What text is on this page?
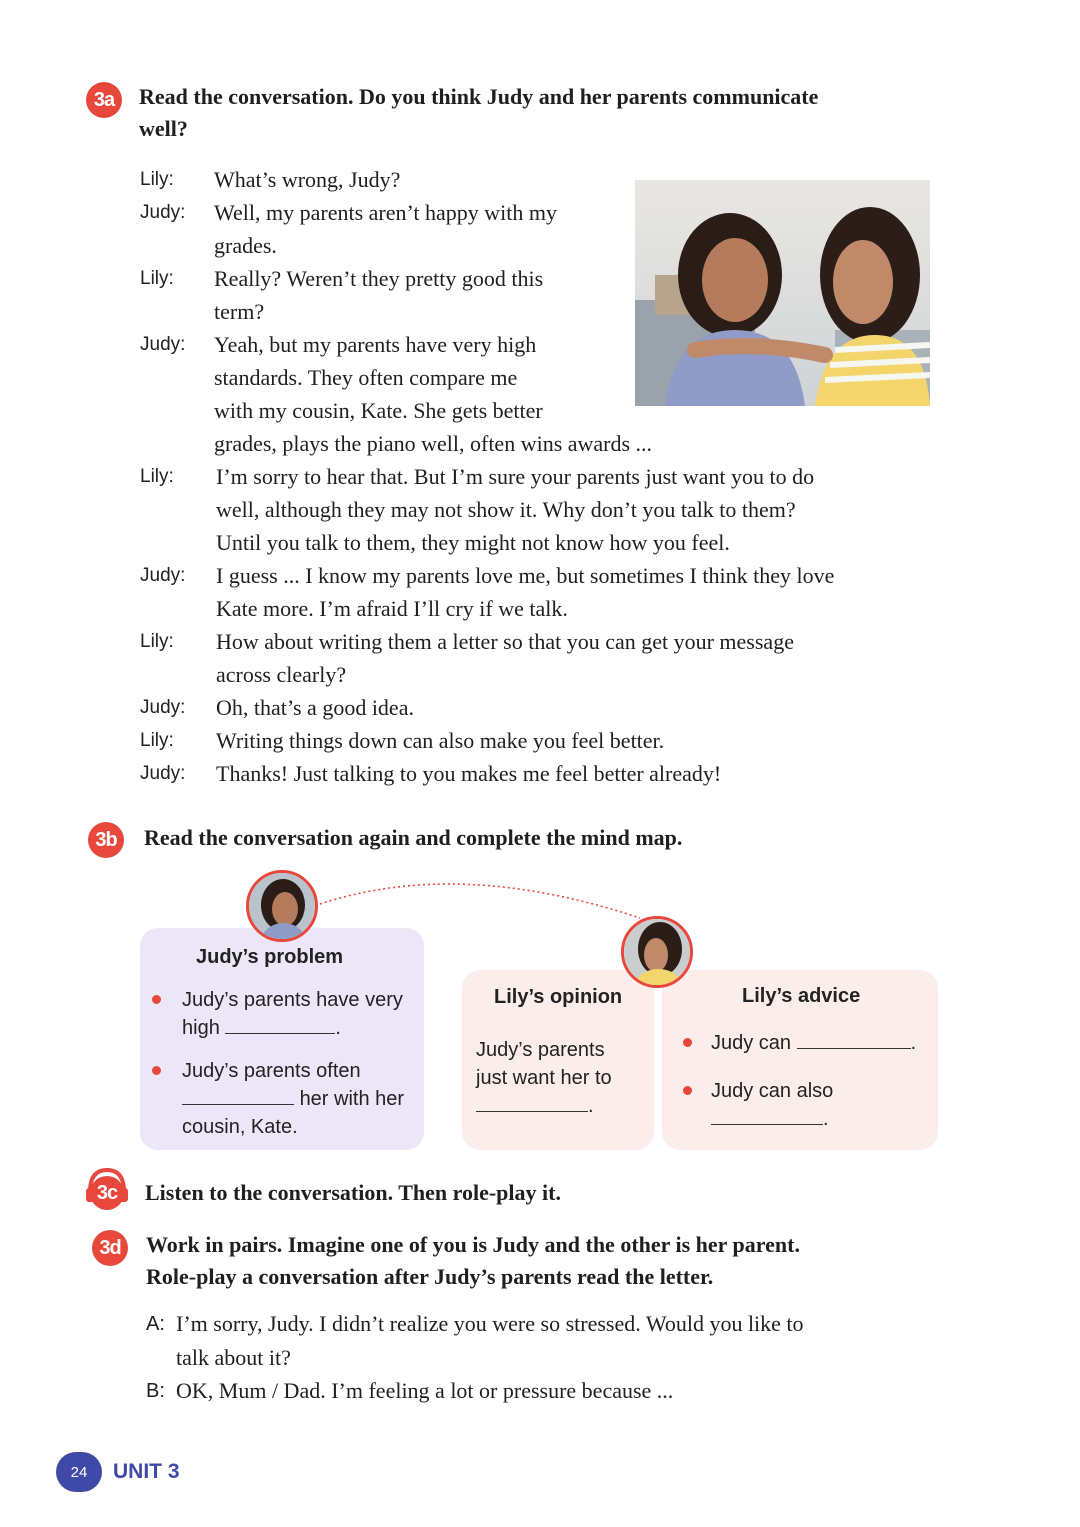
3a	Read the conversation. Do you think Judy and her parents communicate
well?
Lily: What’s wrong, Judy?
Judy: Well, my parents aren’t happy with my
grades.
Lily: Really? Weren’t they pretty good this
term?
Judy: Yeah, but my parents have very high
standards. They often compare me
with my cousin, Kate. She gets better
grades, plays the piano well, often wins awards ...
Lily: I’m sorry to hear that. But I’m sure your parents just want you to do
well, although they may not show it. Why don’t you talk to them?
Until you talk to them, they might not know how you feel.
Judy: I guess ... I know my parents love me, but sometimes I think they love
Kate more. I’m afraid I’ll cry if we talk.
Lily: How about writing them a letter so that you can get your message
across clearly?
Judy: Oh, that’s a good idea.
Lily: Writing things down can also make you feel better.
Judy: Thanks! Just talking to you makes me feel better already!
3b	Read the conversation again and complete the mind map.
Judy’s problem
Judy’s parents have very
high	.
Judy’s parents often
her with her
cousin, Kate.
Lily’s opinion
Judy’s parents
just want her to
.
Lily’s advice
Judy can	.
Judy can also
.
3c	Listen to the conversation. Then role-play it.
3d	Work in pairs. Imagine one of you is Judy and the other is her parent.
Role-play a conversation after Judy’s parents read the letter.
A: I’m sorry, Judy. I didn’t realize you were so stressed. Would you like to
talk about it?
B: OK, Mum / Dad. I’m feeling a lot or pressure because ...
24	UNIT 3
